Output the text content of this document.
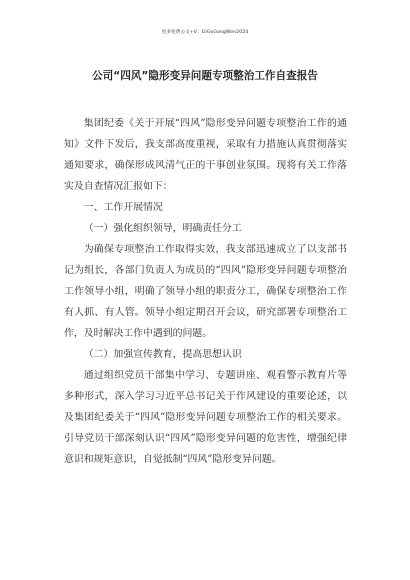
更多免费公文+V：GiGoGongWen2024
公司“四风”隐形变异问题专项整治工作自查报告

集团纪委《关于开展“四风”隐形变异问题专项整治工作的通知》文件下发后，我支部高度重视，采取有力措施认真贯彻落实通知要求，确保形成风清气正的干事创业氛围。现将有关工作落实及自查情况汇报如下：

一、工作开展情况
（一）强化组织领导，明确责任分工

为确保专项整治工作取得实效，我支部迅速成立了以支部书记为组长，各部门负责人为成员的“四风”隐形变异问题专项整治工作领导小组，明确了领导小组的职责分工，确保专项整治工作有人抓、有人管。领导小组定期召开会议，研究部署专项整治工作，及时解决工作中遇到的问题。

（二）加强宣传教育，提高思想认识

通过组织党员干部集中学习、专题讲座、观看警示教育片等多种形式，深入学习习近平总书记关于作风建设的重要论述，以及集团纪委关于“四风”隐形变异问题专项整治工作的相关要求。引导党员干部深刻认识“四风”隐形变异问题的危害性，增强纪律意识和规矩意识，自觉抵制“四风”隐形变异问题。
